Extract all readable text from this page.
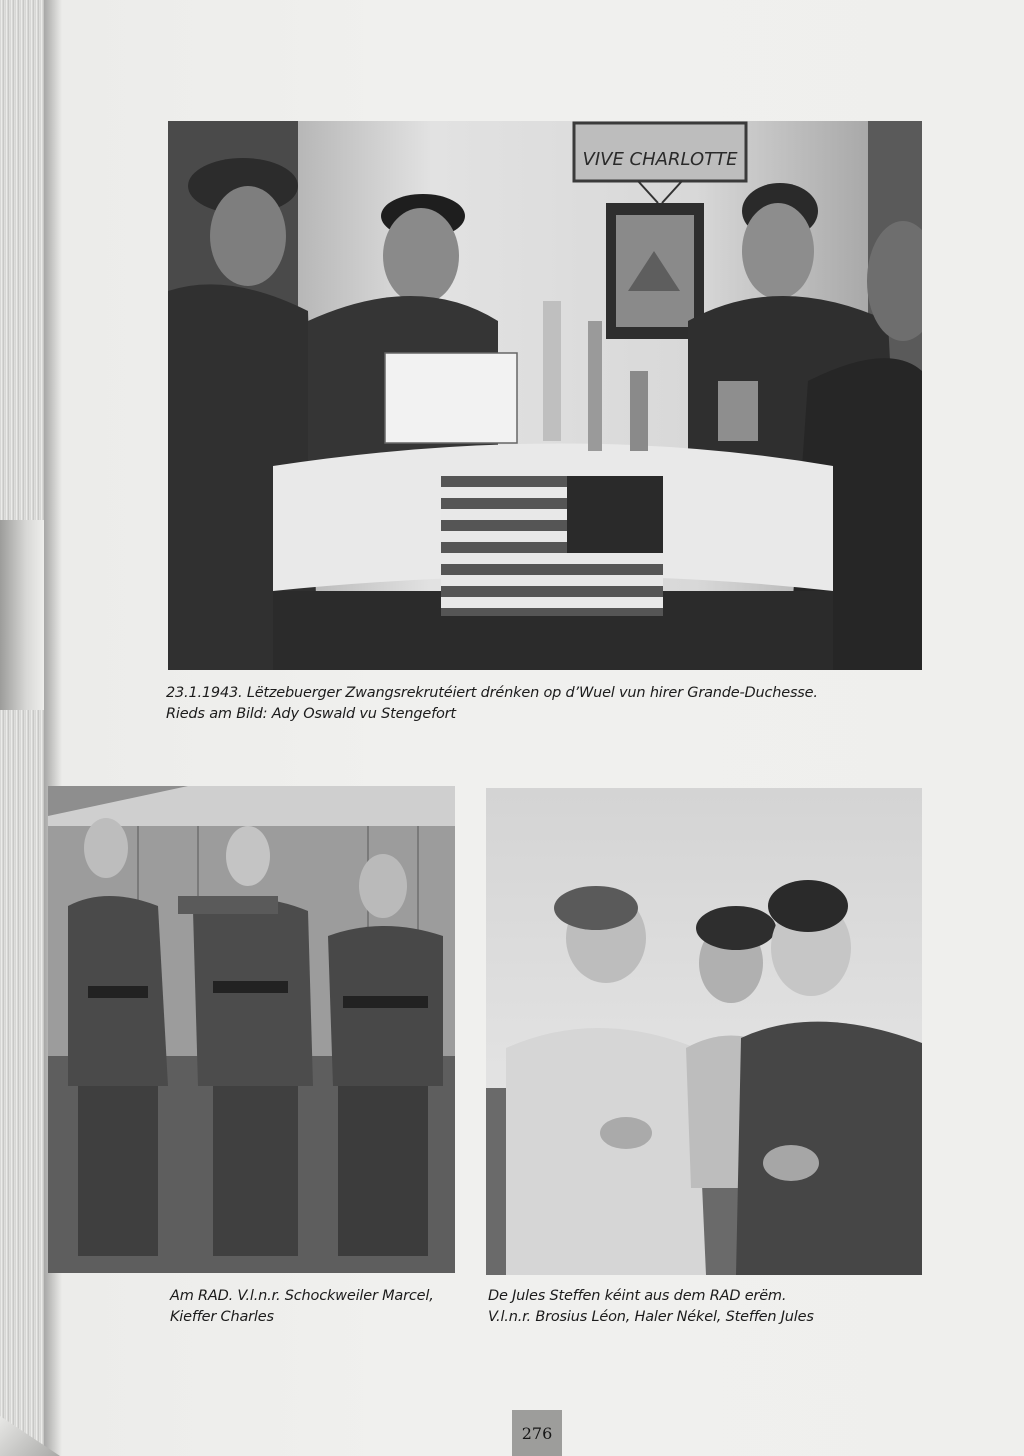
VIVE CHARLOTTE

23.1.1943. Lëtzebuerger Zwangsrekrutéiert drénken op d’Wuel vun hirer Grande-Duchesse.
Rieds am Bild: Ady Oswald vu Stengefort

Am RAD. V.l.n.r. Schockweiler Marcel,
Kieffer Charles

De Jules Steffen kéint aus dem RAD erëm.
V.l.n.r. Brosius Léon, Haler Nékel, Steffen Jules

276
